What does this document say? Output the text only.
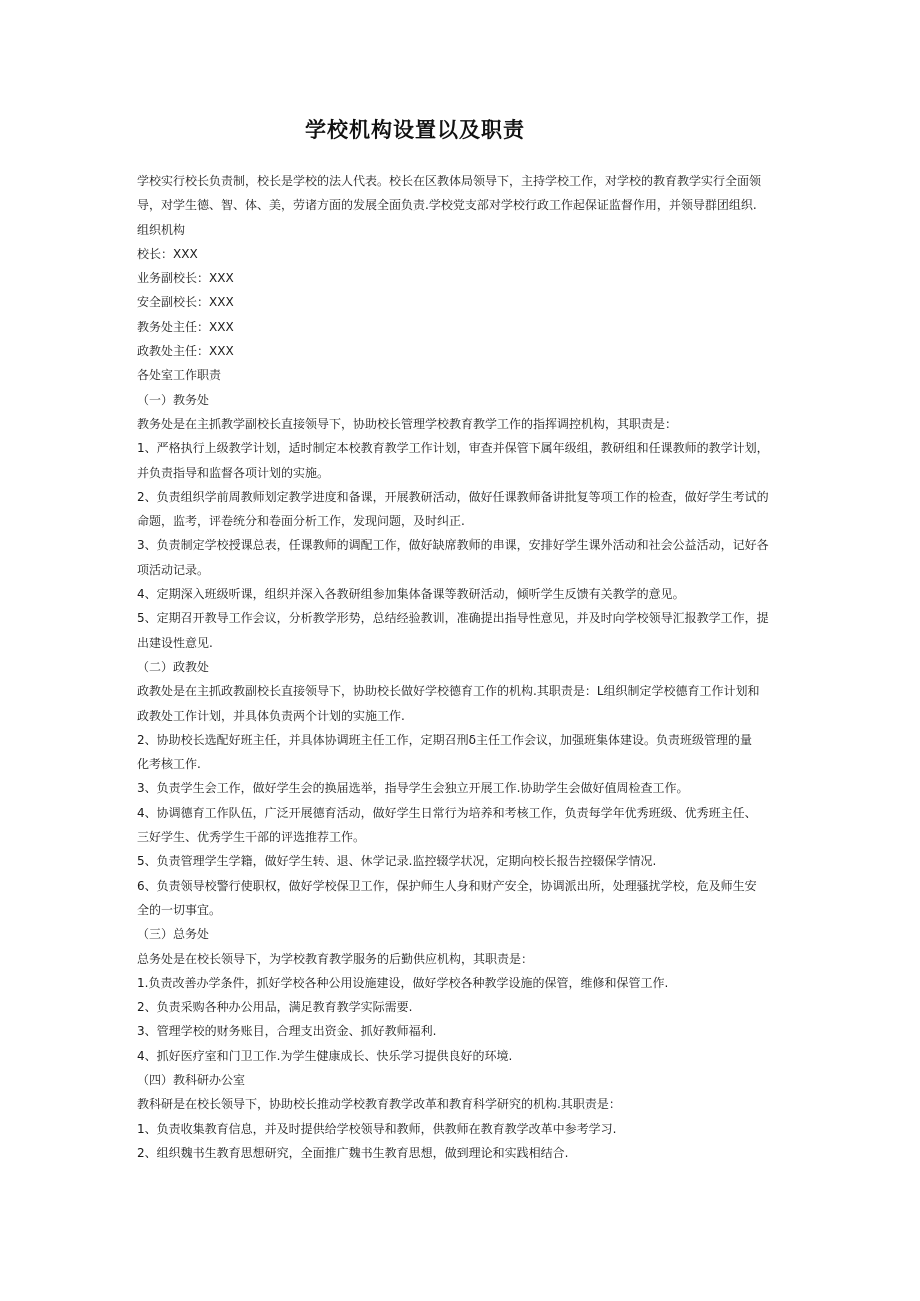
学校机构设置以及职责
学校实行校长负责制，校长是学校的法人代表。校长在区教体局领导下，主持学校工作，对学校的教育教学实行全面领
导，对学生德、智、体、美，劳诸方面的发展全面负责.学校党支部对学校行政工作起保证监督作用，并领导群团组织.
组织机构
校长：XXX
业务副校长：XXX
安全副校长：XXX
教务处主任：XXX
政教处主任：XXX
各处室工作职责
（一）教务处
教务处是在主抓教学副校长直接领导下，协助校长管理学校教育教学工作的指挥调控机构，其职责是：
1、严格执行上级教学计划，适时制定本校教育教学工作计划，审查并保管下属年级组，教研组和任课教师的教学计划，
并负责指导和监督各项计划的实施。
2、负责组织学前周教师划定教学进度和备课，开展教研活动，做好任课教师备讲批复等项工作的检查，做好学生考试的
命题，监考，评卷统分和卷面分析工作，发现问题，及时纠正.
3、负责制定学校授课总表，任课教师的调配工作，做好缺席教师的串课，安排好学生课外活动和社会公益活动，记好各
项活动记录。
4、定期深入班级听课，组织并深入各教研组参加集体备课等教研活动，倾听学生反馈有关教学的意见。
5、定期召开教导工作会议，分析教学形势，总结经验教训，准确提出指导性意见，并及时向学校领导汇报教学工作，提
出建设性意见.
（二）政教处
政教处是在主抓政教副校长直接领导下，协助校长做好学校德育工作的机构.其职责是：L组织制定学校德育工作计划和
政教处工作计划，并具体负责两个计划的实施工作.
2、协助校长选配好班主任，并具体协调班主任工作，定期召刑δ主任工作会议，加强班集体建设。负责班级管理的量
化考核工作.
3、负责学生会工作，做好学生会的换届选举，指导学生会独立开展工作.协助学生会做好值周检查工作。
4、协调德育工作队伍，广泛开展德育活动，做好学生日常行为培养和考核工作，负责每学年优秀班级、优秀班主任、
三好学生、优秀学生干部的评选推荐工作。
5、负责管理学生学籍，做好学生转、退、休学记录.监控辍学状况，定期向校长报告控辍保学情况.
6、负责领导校警行使职权，做好学校保卫工作，保护师生人身和财产安全，协调派出所，处理骚扰学校，危及师生安
全的一切事宜。
（三）总务处
总务处是在校长领导下，为学校教育教学服务的后勤供应机构，其职责是：
1.负责改善办学条件，抓好学校各种公用设施建设，做好学校各种教学设施的保管，维修和保管工作.
2、负责采购各种办公用品，满足教育教学实际需要.
3、管理学校的财务账目，合理支出资金、抓好教师福利.
4、抓好医疗室和门卫工作.为学生健康成长、快乐学习提供良好的环境.
（四）教科研办公室
教科研是在校长领导下，协助校长推动学校教育教学改革和教育科学研究的机构.其职责是：
1、负责收集教育信息，并及时提供给学校领导和教师，供教师在教育教学改革中参考学习.
2、组织魏书生教育思想研究，全面推广魏书生教育思想，做到理论和实践相结合.
